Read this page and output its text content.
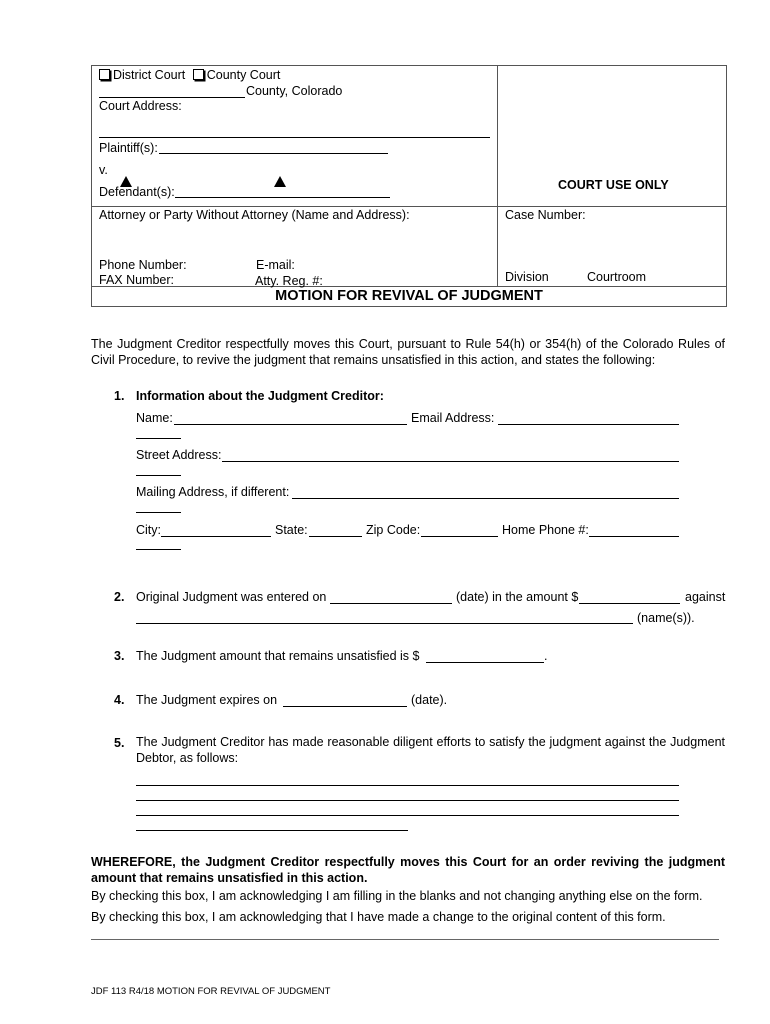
District Court County Court
County, Colorado
Court Address:
Plaintiff(s):
v.
Defendant(s):	COURT USE ONLY
Attorney or Party Without Attorney (Name and Address):	Case Number:
Phone Number:	E-mail:
FAX Number:	Atty. Reg. #:	Division	Courtroom
MOTION FOR REVIVAL OF JUDGMENT
The Judgment Creditor respectfully moves this Court, pursuant to Rule 54(h) or 354(h) of the Colorado Rules of Civil Procedure, to revive the judgment that remains unsatisfied in this action, and states the following:
1. Information about the Judgment Creditor:
Name:	Email Address:
Street Address:
Mailing Address, if different:
City:	State:	Zip Code:	Home Phone #:
2. Original Judgment was entered on	(date) in the amount $	against
(name(s)).
3. The Judgment amount that remains unsatisfied is $	.
4. The Judgment expires on	(date).
5. The Judgment Creditor has made reasonable diligent efforts to satisfy the judgment against the Judgment Debtor, as follows:
WHEREFORE, the Judgment Creditor respectfully moves this Court for an order reviving the judgment amount that remains unsatisfied in this action.
By checking this box, I am acknowledging I am filling in the blanks and not changing anything else on the form.
By checking this box, I am acknowledging that I have made a change to the original content of this form.
JDF 113 R4/18 MOTION FOR REVIVAL OF JUDGMENT
